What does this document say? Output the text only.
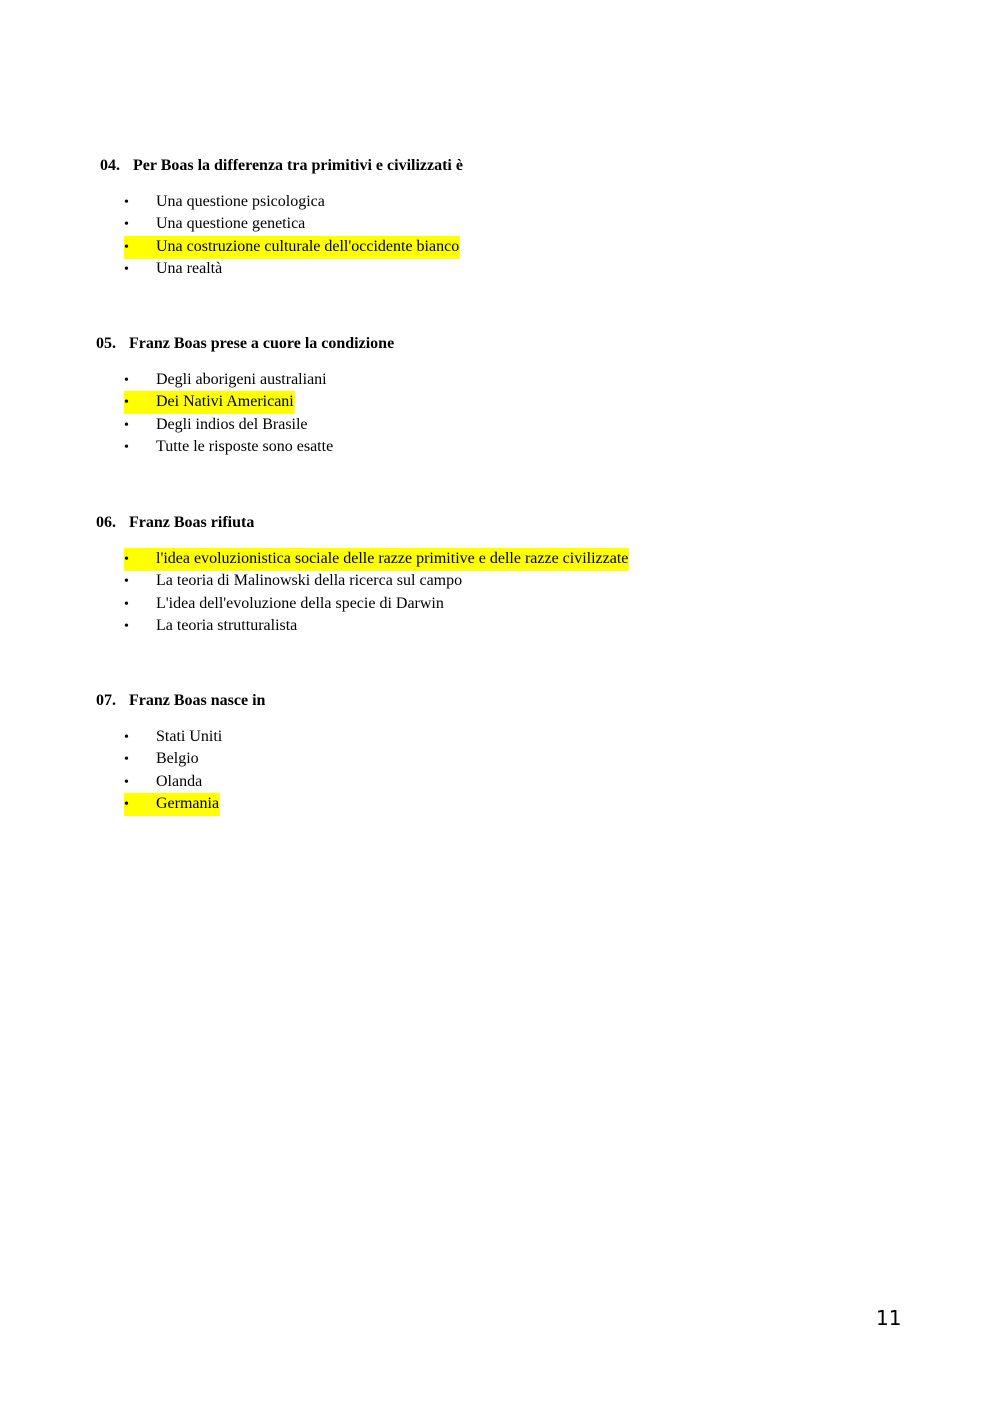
04. Per Boas la differenza tra primitivi e civilizzati è
• Una questione psicologica
• Una questione genetica
• Una costruzione culturale dell'occidente bianco
• Una realtà
05. Franz Boas prese a cuore la condizione
• Degli aborigeni australiani
• Dei Nativi Americani
• Degli indios del Brasile
• Tutte le risposte sono esatte
06. Franz Boas rifiuta
• l'idea evoluzionistica sociale delle razze primitive e delle razze civilizzate
• La teoria di Malinowski della ricerca sul campo
• L'idea dell'evoluzione della specie di Darwin
• La teoria strutturalista
07. Franz Boas nasce in
• Stati Uniti
• Belgio
• Olanda
• Germania
11
